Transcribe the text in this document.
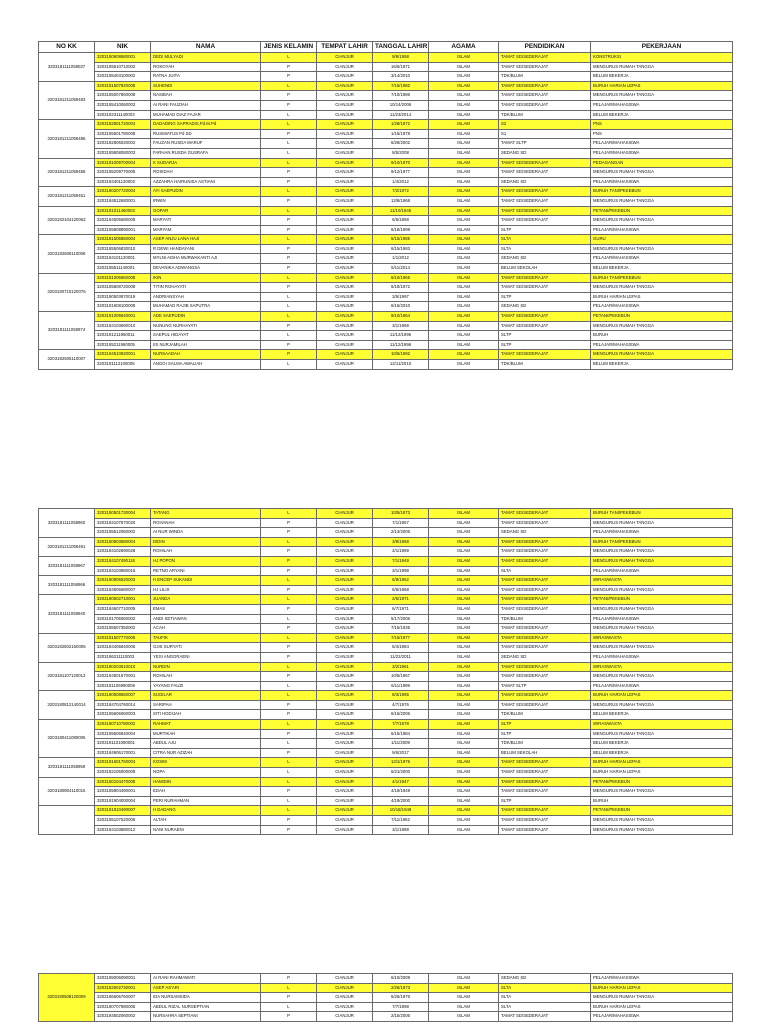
NO KK	NIK	NAMA	JENIS KELAMIN	TEMPAT LAHIR	TANGGAL LAHIR	AGAMA	PENDIDIKAN	PEKERJAAN
3203181111058037	3203180609580001	DEDI MULYADI	L	CIANJUR	9/9/1958	ISLAM	TAMAT SD/SEDERAJAT	KONSTRUKSI
	3203185610710002	ROKOYAH	P	CIANJUR	16/6/1971	ISLAM	TAMAT SD/SEDERAJAT	MENGURUS RUMAH TANGGA
	3203185403100002	RATNA JUITA	P	CIANJUR	3/14/2010	ISLAM	TDK/BLUM	BELUM BEKERJA
3203181211059483	3203181507820008	SUHENDI	L	CIANJUR	7/15/1982	ISLAM	TAMAT SD/SEDERAJAT	BURUH HARIAN LEPAS
	3203185007860008	NASIBAH	P	CIANJUR	7/10/1986	ISLAM	TAMAT SD/SEDERAJAT	MENGURUS RUMAH TANGGA
	3203185410060002	AI RANI FAUZIAH	P	CIANJUR	10/14/2006	ISLAM	TAMAT SD/SEDERAJAT	PELAJAR/MAHASISWA
	3203182311140003	MUHAMAD DIAZ FAJAR	L	CIANJUR	11/23/2014	ISLAM	TDK/BLUM	BELUM BEKERJA
3203181211059486	3203182801720004	DADADING SAPRADIS,Pd.M.Pd	L	CIANJUR	1/28/1972	ISLAM	S2	PNS
	3203185501780008	RUSMIATUS Pd SD	P	CIANJUR	1/15/1978	ISLAM	S1	PNS
	3203182806020002	FAUZAN RUSDA MARUF	L	CIANJUR	6/28/2002	ISLAM	TAMAT SLTP	PELAJAR/MAHASISWA
	3203185808080003	FARHAN RUSDA GUSRAFA	L	CIANJUR	8/5/2008	ISLAM	SEDANG SD	PELAJAR/MAHASISWA
3203181211059458	3203181009700004	K SUDARJA	L	CIANJUR	9/10/1970	ISLAM	TAMAT SD/SEDERAJAT	PEDAGANGAN
	3203185209770005	ROSIDAH	P	CIANJUR	9/12/1977	ISLAM	TAMAT SD/SEDERAJAT	MENGURUS RUMAH TANGGA
	3203184401120002	AZZAHRA HAIRUNISA ASTIANI	P	CIANJUR	1/4/2012	ISLAM	SEDANG SD	PELAJAR/MAHASISWA
3203181211059461	3203180207720004	AYI SAEPUDIN	L	CIANJUR	7/2/1972	ISLAM	TAMAT SD/SEDERAJAT	BURUH TANI/PEKEBUN
	3203184812680001	IRWIN	P	CIANJUR	12/8/1968	ISLAM	TAMAT SD/SEDERAJAT	MENGURUS RUMAH TANGGA
3203182104120062	3203181011460003	GOPAR	L	CIANJUR	11/10/1946	ISLAM	TAMAT SD/SEDERAJAT	PETANI/PEKEBUN
	3203184505580008	MARYATI	P	CIANJUR	6/5/1958	ISLAM	TAMAT SD/SEDERAJAT	MENGURUS RUMAH TANGGA
	3203185808890001	MARYAM	P	CIANJUR	6/18/1999	ISLAM	SLTP	PELAJAR/MAHASISWA
3203182608110008	3203181505850004	ASEP ANJU LANA HAJI	L	CIANJUR	5/15/1985	ISLAM	SLTA	GURU
	3203185506830010	R DEWI HANDAYANI	P	CIANJUR	6/15/1983	ISLAM	SLTA	MENGURUS RUMAH TANGGA
	3203184101120001	MYLNI AISHA MURWAKANTI AJI	P	CIANJUR	1/1/2012	ISLAM	SEDANG SD	PELAJAR/MAHASISWA
	3203185511140001	DEVANIKA ADWANGSA	P	CIANJUR	5/11/2014	ISLAM	BELUM SEKOLAH	BELUM BEKERJA
3203180710120076	3203181006650008	IKIN	L	CIANJUR	6/10/1965	ISLAM	TAMAT SD/SEDERAJAT	BURUH TANI/PEKEBUN
	3203185808720008	TITIN ROHAYATI	P	CIANJUR	6/18/1972	ISLAM	TAMAT SD/SEDERAJAT	MENGURUS RUMAH TANGGA
	3203180503970019	ANDRIANSYAH	L	CIANJUR	3/5/1997	ISLAM	SLTP	BURUH HARIAN LEPAS
	3203181608100008	MUHAMAD RAJIB SAPUTRA	L	CIANJUR	6/16/2010	ISLAM	SEDANG SD	PELAJAR/MAHASISWA
3203181111058974	3203181009640001	ADE SAEPUDIN	L	CIANJUR	9/10/1964	ISLAM	TAMAT SD/SEDERAJAT	PETANI/PEKEBUN
	3203184103690010	NUNUNG NURHAYATI	P	CIANJUR	3/1/1969	ISLAM	TAMAT SD/SEDERAJAT	MENGURUS RUMAH TANGGA
	3203181211960011	SAEPUL HIDAYAT	L	CIANJUR	11/12/1996	ISLAM	SLTP	BURUH
	3203185211960005	IIS NURJAMILAH	P	CIANJUR	11/12/1996	ISLAM	SLTP	PELAJAR/MAHASISWA
3203182505110007	3203184510920001	NURSAADAH	P	CIANJUR	10/5/1992	ISLAM	TAMAT SD/SEDERAJAT	MENGURUS RUMAH TANGGA
	3203181112100005	ANGGI SALMA AWALIAH	L	CIANJUR	12/11/2010	ISLAM	TDK/BLUM	BELUM BEKERJA
3203181111058960	3203180501730004	TATANG	L	CIANJUR	10/5/1973	ISLAM	TAMAT SD/SEDERAJAT	BURUH TANI/PEKEBUN
	3203184107670020	ROHANAH	P	CIANJUR	7/1/1967	ISLAM	TAMAT SD/SEDERAJAT	MENGURUS RUMAH TANGGA
	3203185512060002	AI NUR WINDA	P	CIANJUR	2/13/2006	ISLAM	SEDANG SD	PELAJAR/MAHASISWA
3203181211059491	3203180903580004	DIDIN	L	CIANJUR	3/9/1958	ISLAM	TAMAT SD/SEDERAJAT	BURUH TANI/PEKEBUN
	3203184102690028	ROHILAH	P	CIANJUR	2/1/1969	ISLAM	TAMAT SD/SEDERAJAT	MENGURUS RUMAH TANGGA
3203181111058967	3203184107490118	HJ POPON	P	CIANJUR	7/1/1949	ISLAM	TAMAT SD/SEDERAJAT	MENGURUS RUMAH TANGGA
	3203184103980015	RETNO ARYANI	P	CIANJUR	3/1/1998	ISLAM	SLTA	PELAJAR/MAHASISWA
3203181111058966	3203180806520003	H ENCEP SUKANDI	L	CIANJUR	6/8/1952	ISLAM	TAMAT SD/SEDERAJAT	WIRASWASTA
	3203184606680007	HJ LILIS	P	CIANJUR	6/6/1968	ISLAM	TAMAT SD/SEDERAJAT	MENGURUS RUMAH TANGGA
3203181111058940	3203180602710001	JUANDA	L	CIANJUR	2/6/1971	ISLAM	TAMAT SD/SEDERAJAT	PETANI/PEKEBUN
	3203184607710005	EMAS	P	CIANJUR	6/7/1971	ISLAM	TAMAT SD/SEDERAJAT	MENGURUS RUMAH TANGGA
	3203181705060002	ANDI SETIAWAN	L	CIANJUR	5/17/2006	ISLAM	TDK/BLUM	PELAJAR/MAHASISWA
	3203185507350002	ACAH	P	CIANJUR	7/15/1935	ISLAM	TAMAT SD/SEDERAJAT	MENGURUS RUMAH TANGGA
3203182502160005	3203181507770006	TAUFIK	L	CIANJUR	7/15/1977	ISLAM	TAMAT SD/SEDERAJAT	WIRASWASTA
	3203184405840006	OJIS SURYATI	P	CIANJUR	5/4/1984	ISLAM	TAMAT SD/SEDERAJAT	MENGURUS RUMAH TANGGA
	3203186211110003	YESI ANGGRAENI	P	CIANJUR	11/22/2011	ISLAM	SEDANG SD	PELAJAR/MAHASISWA
3203181107120013	3203180203610010	NURDIN	L	CIANJUR	3/2/1961	ISLAM	TAMAT SD/SEDERAJAT	WIRASWASTA
	3203184501670001	ROHILAH	P	CIANJUR	10/5/1967	ISLAM	TAMAT SD/SEDERAJAT	MENGURUS RUMAH TANGGA
	3203181106990008	YAYANG FAUZI	L	CIANJUR	6/11/1999	ISLAM	TAMAT SLTP	PELAJAR/MAHASISWA
3203180812140014	3203180508650007	SUGILAR	L	CIANJUR	8/3/1965	ISLAM	TAMAT SD/SEDERAJAT	BURUH HARIAN LEPAS
	3203184704760014	SARIPAH	P	CIANJUR	4/7/1976	ISLAM	TAMAT SD/SEDERAJAT	MENGURUS RUMAH TANGGA
	3203185606060003	SITI HODIJAH	P	CIANJUR	6/16/2006	ISLAM	TDK/BLUM	BELUM BEKERJA
3203180411080005	3203180710780002	RAHMAT	L	CIANJUR	7/7/1978	ISLAM	SLTP	WIRASWASTA
	3203185506840004	MURTIKAH	P	CIANJUR	6/15/1984	ISLAM	SLTP	MENGURUS RUMAH TANGGA
	3203181101090001	ABDUL AJU	L	CIANJUR	1/11/2009	ISLAM	TDK/BLUM	BELUM BEKERJA
	3203184906170001	CITRA NUR AZIZAH	P	CIANJUR	9/6/2017	ISLAM	BELUM SEKOLAH	BELUM BEKERJA
3203181111058959	3203181601760004	KOSIM	L	CIANJUR	12/1/1976	ISLAM	TAMAT SD/SEDERAJAT	BURUH HARIAN LEPAS
	3203182106000008	NOPA	L	CIANJUR	6/21/2000	ISLAM	TAMAT SD/SEDERAJAT	BURUH HARIAN LEPAS
3203180804110016	3203180104470008	HAMIDIN	L	CIANJUR	4/1/1947	ISLAM	TAMAT SD/SEDERAJAT	PETANI/PEKEBUN
	3203185904490001	EDAH	P	CIANJUR	4/19/1949	ISLAM	TAMAT SD/SEDERAJAT	MENGURUS RUMAH TANGGA
	3203181904000004	PERI NURAHMAN	L	CIANJUR	4/19/2000	ISLAM	SLTP	BURUH
	3203181810490007	H DADANG	L	CIANJUR	10/18/1949	ISLAM	TAMAT SD/SEDERAJAT	PETANI/PEKEBUN
	3203185107520006	ALTAH	P	CIANJUR	7/11/1952	ISLAM	TAMAT SD/SEDERAJAT	MENGURUS RUMAH TANGGA
	3203184103880012	NANI NURAENI	P	CIANJUR	3/1/1988	ISLAM	TAMAT SD/SEDERAJAT	MENGURUS RUMAH TANGGA
3203180508120009	3203185006090001	AI RANI RAHMAWATI	P	CIANJUR	6/10/2009	ISLAM	SEDANG SD	PELAJAR/MAHASISWA
	3203182602730001	ASEP AS'ARI	L	CIANJUR	2/26/1973	ISLAM	SLTA	BURUH HARIAN LEPAS
	3203186606760007	IDA NURSAMSIDA	P	CIANJUR	6/26/1976	ISLAM	SLTA	MENGURUS RUMAH TANGGA
	3203180707980005	ABDUL RIZAL NURSEPTIAN	L	CIANJUR	7/7/1998	ISLAM	SLTA	BURUH HARIAN LEPAS
	3203184502060002	NURSAHRA SEPTIANI	P	CIANJUR	2/15/2006	ISLAM	TAMAT SD/SEDERAJAT	PELAJAR/MAHASISWA
